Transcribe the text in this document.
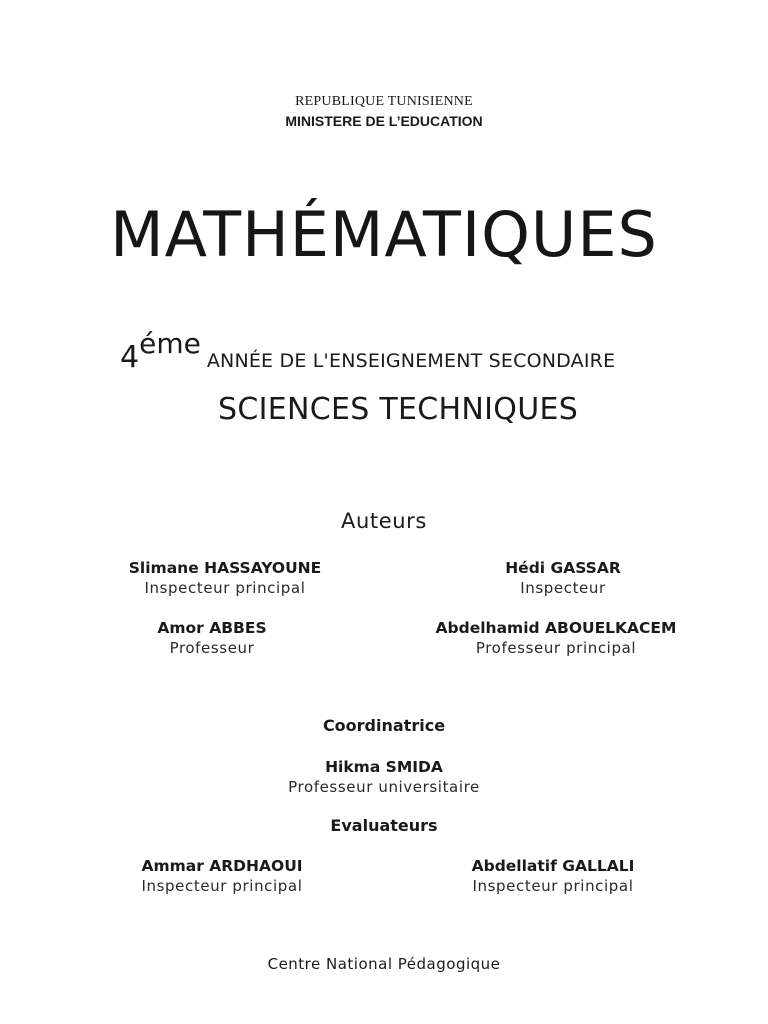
REPUBLIQUE TUNISIENNE
MINISTERE DE L’EDUCATION
MATHÉMATIQUES
4émeANNÉE DE L'ENSEIGNEMENT SECONDAIRE
SCIENCES TECHNIQUES
Auteurs
Slimane HASSAYOUNE
Inspecteur principal
Hédi GASSAR
Inspecteur
Amor ABBES
Professeur
Abdelhamid ABOUELKACEM
Professeur principal
Coordinatrice
Hikma SMIDA
Professeur universitaire
Evaluateurs
Ammar ARDHAOUI
Inspecteur principal
Abdellatif GALLALI
Inspecteur principal
Centre National Pédagogique
